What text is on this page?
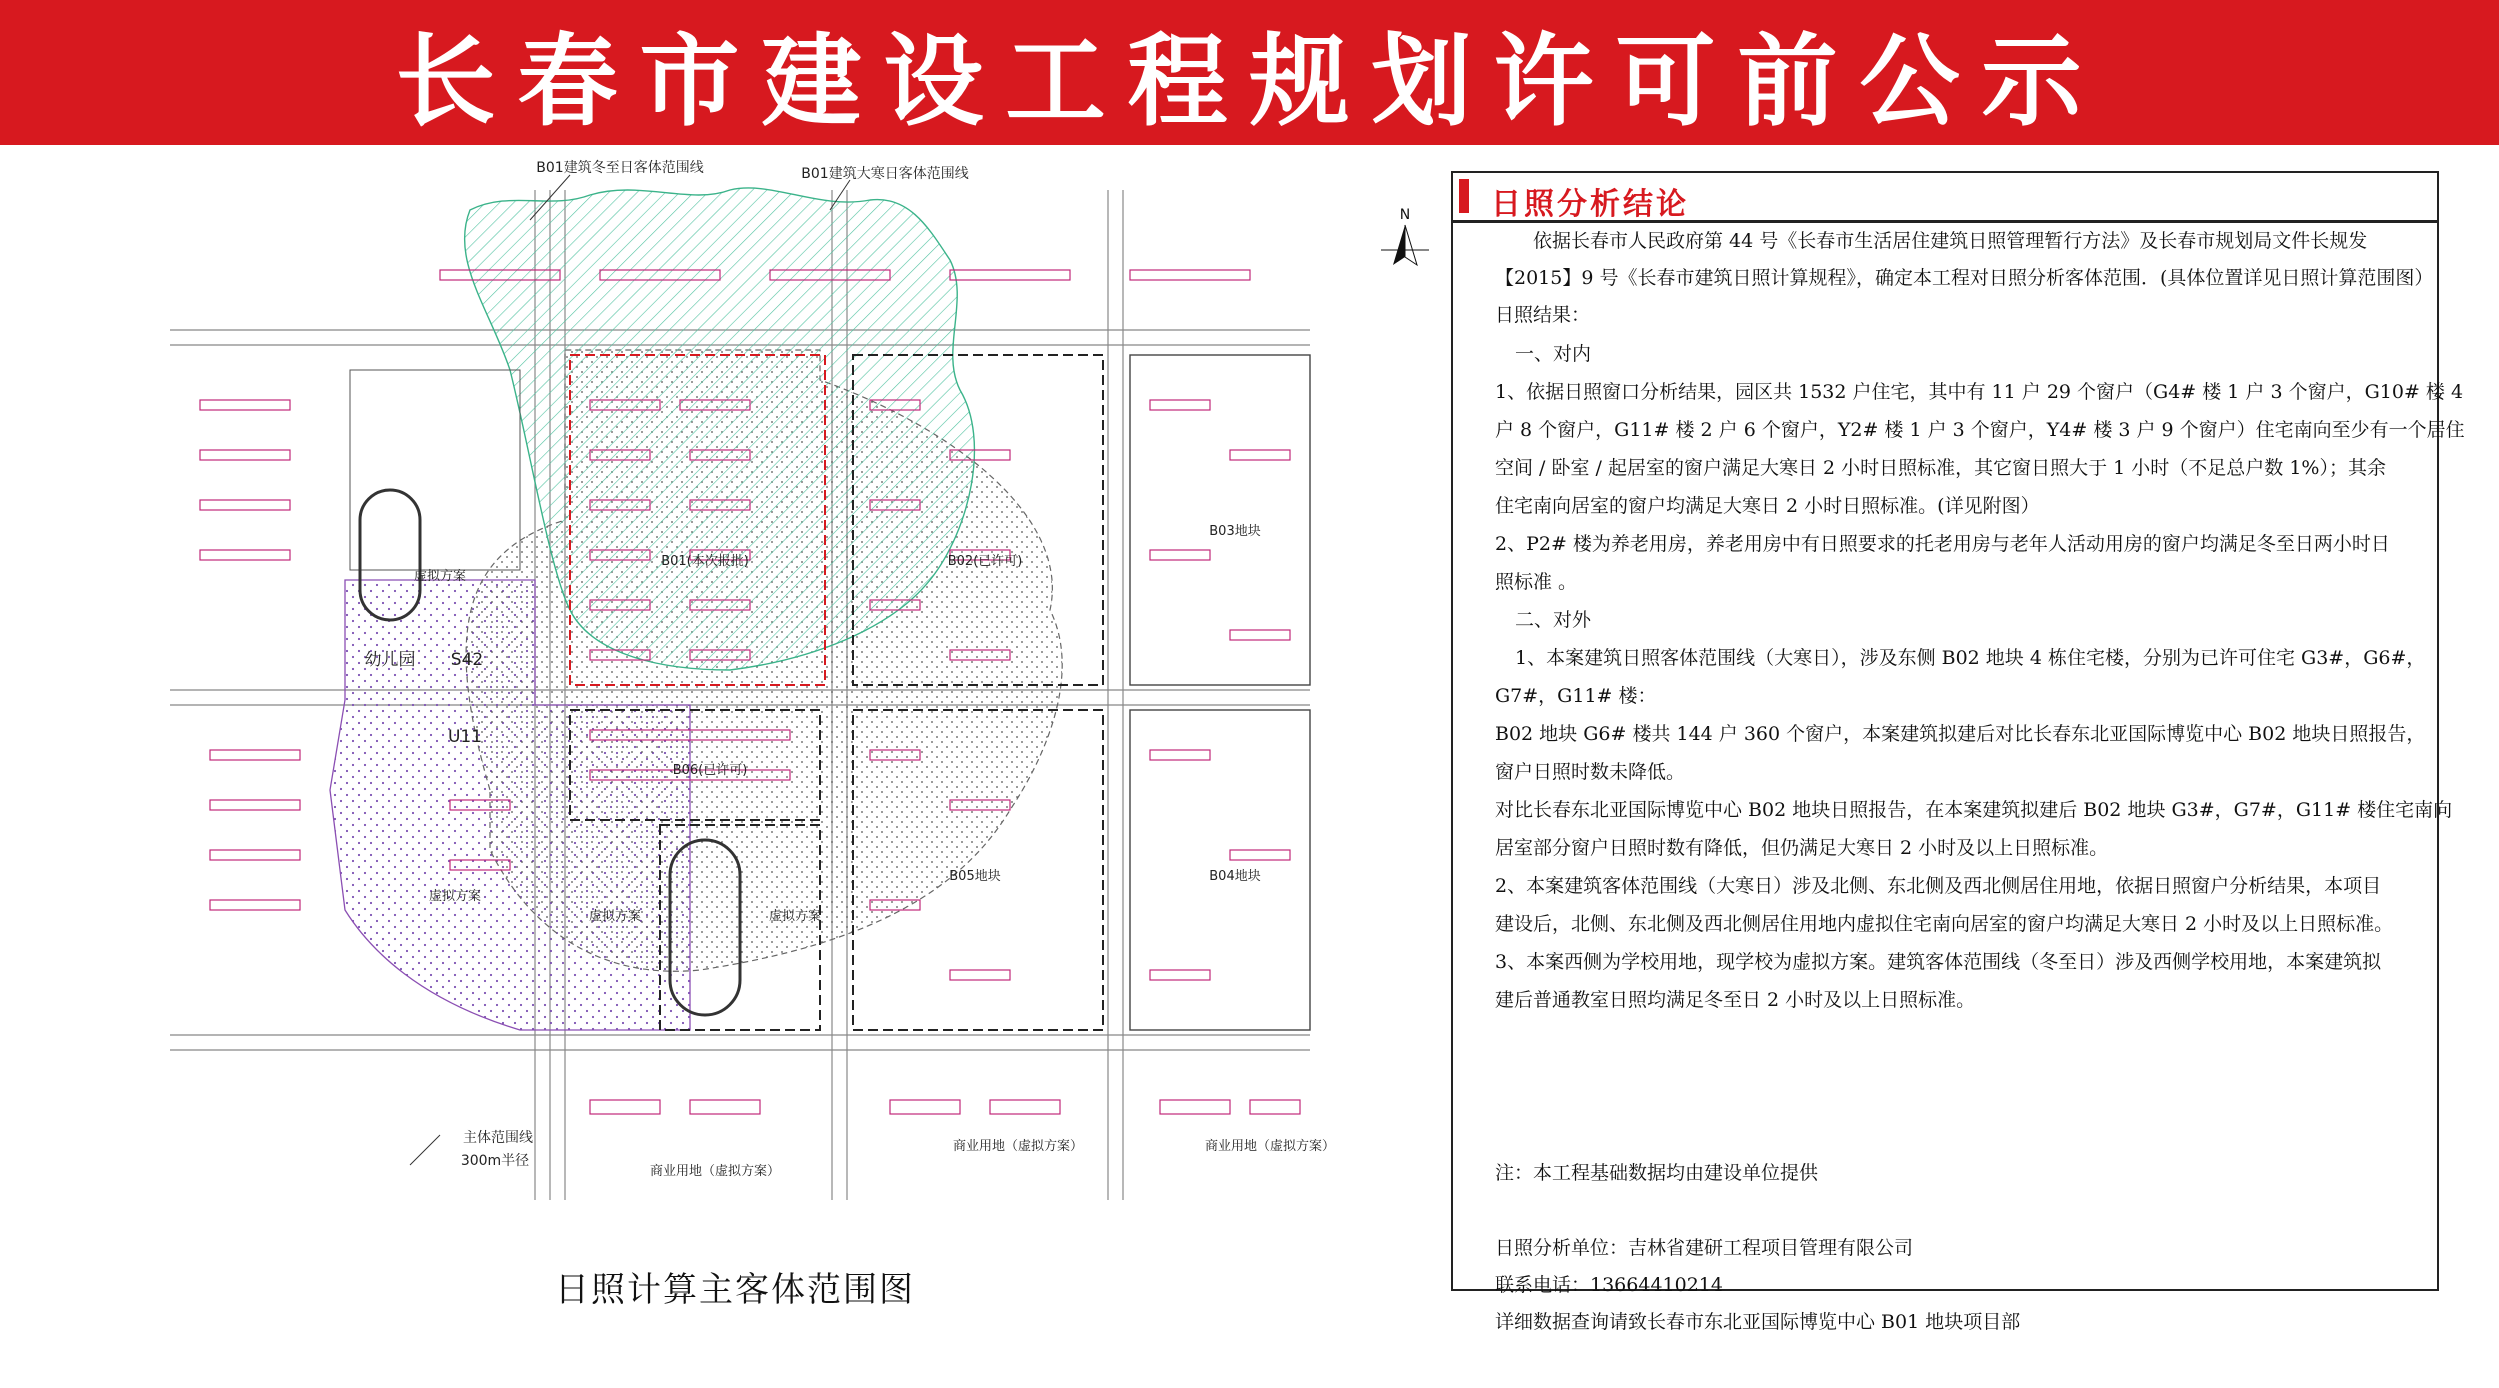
长春市建设工程规划许可前公示
B01建筑冬至日客体范围线	B01建筑大寒日客体范围线
B01(本次报批)	B02(已许可)
B03地块
B06(已许可)
B05地块	B04地块
虚拟方案
虚拟方案
虚拟方案	虚拟方案
幼儿园 S42
U11
商业用地（虚拟方案）
商业用地（虚拟方案）	商业用地（虚拟方案）
主体范围线
300m半径
日照计算主客体范围图
N	日照分析结论
依据长春市人民政府第 44 号《长春市生活居住建筑日照管理暂行方法》及长春市规划局文件长规发
【2015】9 号《长春市建筑日照计算规程》，确定本工程对日照分析客体范围．(具体位置详见日照计算范围图）
日照结果：
一、对内
1、依据日照窗口分析结果，园区共 1532 户住宅，其中有 11 户 29 个窗户（G4# 楼 1 户 3 个窗户，G10# 楼 4
户 8 个窗户，G11# 楼 2 户 6 个窗户，Y2# 楼 1 户 3 个窗户，Y4# 楼 3 户 9 个窗户）住宅南向至少有一个居住
空间 / 卧室 / 起居室的窗户满足大寒日 2 小时日照标准，其它窗日照大于 1 小时（不足总户数 1%）；其余
住宅南向居室的窗户均满足大寒日 2 小时日照标准。(详见附图）
2、P2# 楼为养老用房，养老用房中有日照要求的托老用房与老年人活动用房的窗户均满足冬至日两小时日
照标准 。
二、对外
1、本案建筑日照客体范围线（大寒日），涉及东侧 B02 地块 4 栋住宅楼，分别为已许可住宅 G3#，G6#，
G7#，G11# 楼：
B02 地块 G6# 楼共 144 户 360 个窗户，本案建筑拟建后对比长春东北亚国际博览中心 B02 地块日照报告，
窗户日照时数未降低。
对比长春东北亚国际博览中心 B02 地块日照报告，在本案建筑拟建后 B02 地块 G3#，G7#，G11# 楼住宅南向
居室部分窗户日照时数有降低，但仍满足大寒日 2 小时及以上日照标准。
2、本案建筑客体范围线（大寒日）涉及北侧、东北侧及西北侧居住用地，依据日照窗户分析结果，本项目
建设后，北侧、东北侧及西北侧居住用地内虚拟住宅南向居室的窗户均满足大寒日 2 小时及以上日照标准。
3、本案西侧为学校用地，现学校为虚拟方案。建筑客体范围线（冬至日）涉及西侧学校用地，本案建筑拟
建后普通教室日照均满足冬至日 2 小时及以上日照标准。
注：本工程基础数据均由建设单位提供
日照分析单位：吉林省建研工程项目管理有限公司
联系电话：13664410214
详细数据查询请致长春市东北亚国际博览中心 B01 地块项目部
